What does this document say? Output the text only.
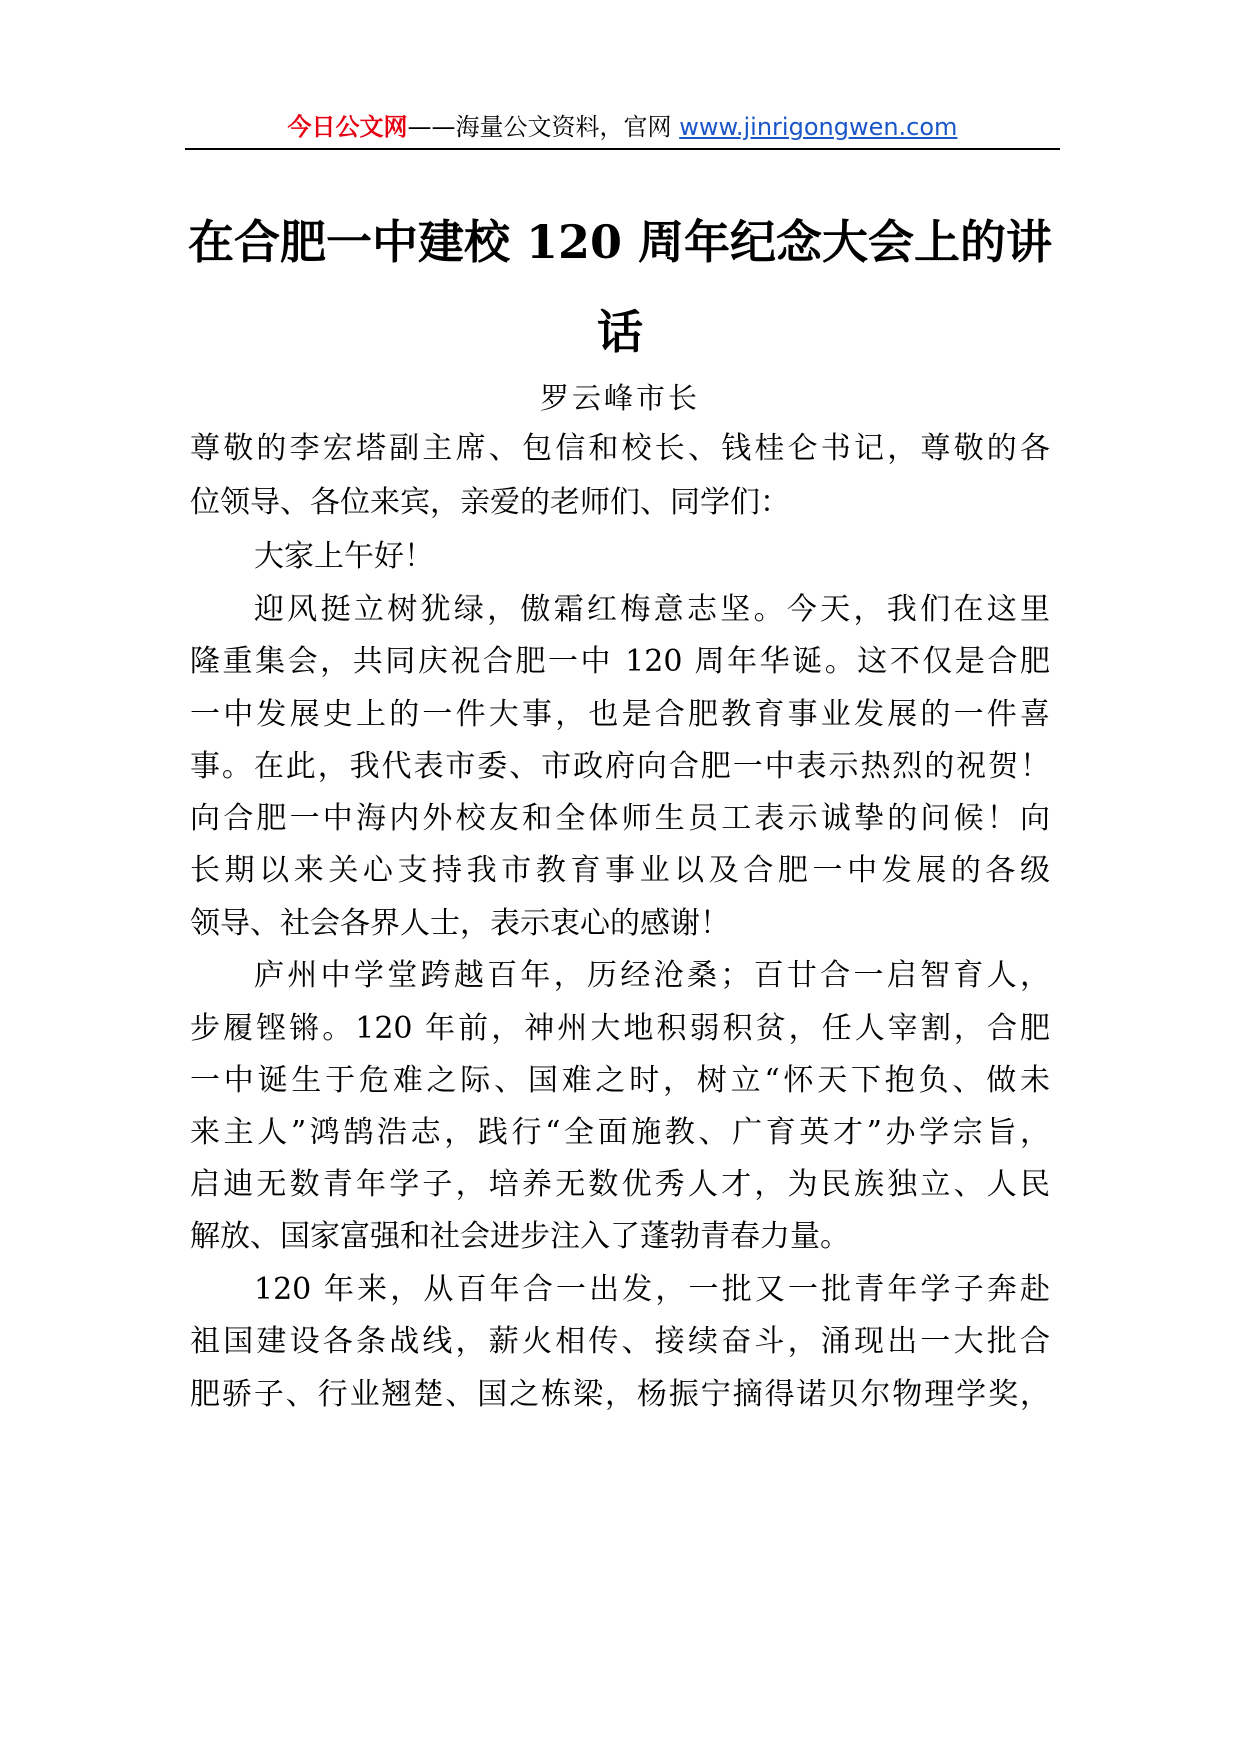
今日公文网——海量公文资料，官网 www.jinrigongwen.com
在合肥一中建校 120 周年纪念大会上的讲
话
罗云峰市长
尊敬的李宏塔副主席、包信和校长、钱桂仑书记，尊敬的各
位领导、各位来宾，亲爱的老师们、同学们：
大家上午好！
迎风挺立树犹绿，傲霜红梅意志坚。今天，我们在这里
隆重集会，共同庆祝合肥一中 120 周年华诞。这不仅是合肥
一中发展史上的一件大事，也是合肥教育事业发展的一件喜
事。在此，我代表市委、市政府向合肥一中表示热烈的祝贺！
向合肥一中海内外校友和全体师生员工表示诚挚的问候！向
长期以来关心支持我市教育事业以及合肥一中发展的各级
领导、社会各界人士，表示衷心的感谢！
庐州中学堂跨越百年，历经沧桑；百廿合一启智育人，
步履铿锵。120 年前，神州大地积弱积贫，任人宰割，合肥
一中诞生于危难之际、国难之时，树立“怀天下抱负、做未
来主人”鸿鹄浩志，践行“全面施教、广育英才”办学宗旨，
启迪无数青年学子，培养无数优秀人才，为民族独立、人民
解放、国家富强和社会进步注入了蓬勃青春力量。
120 年来，从百年合一出发，一批又一批青年学子奔赴
祖国建设各条战线，薪火相传、接续奋斗，涌现出一大批合
肥骄子、行业翘楚、国之栋梁，杨振宁摘得诺贝尔物理学奖，
